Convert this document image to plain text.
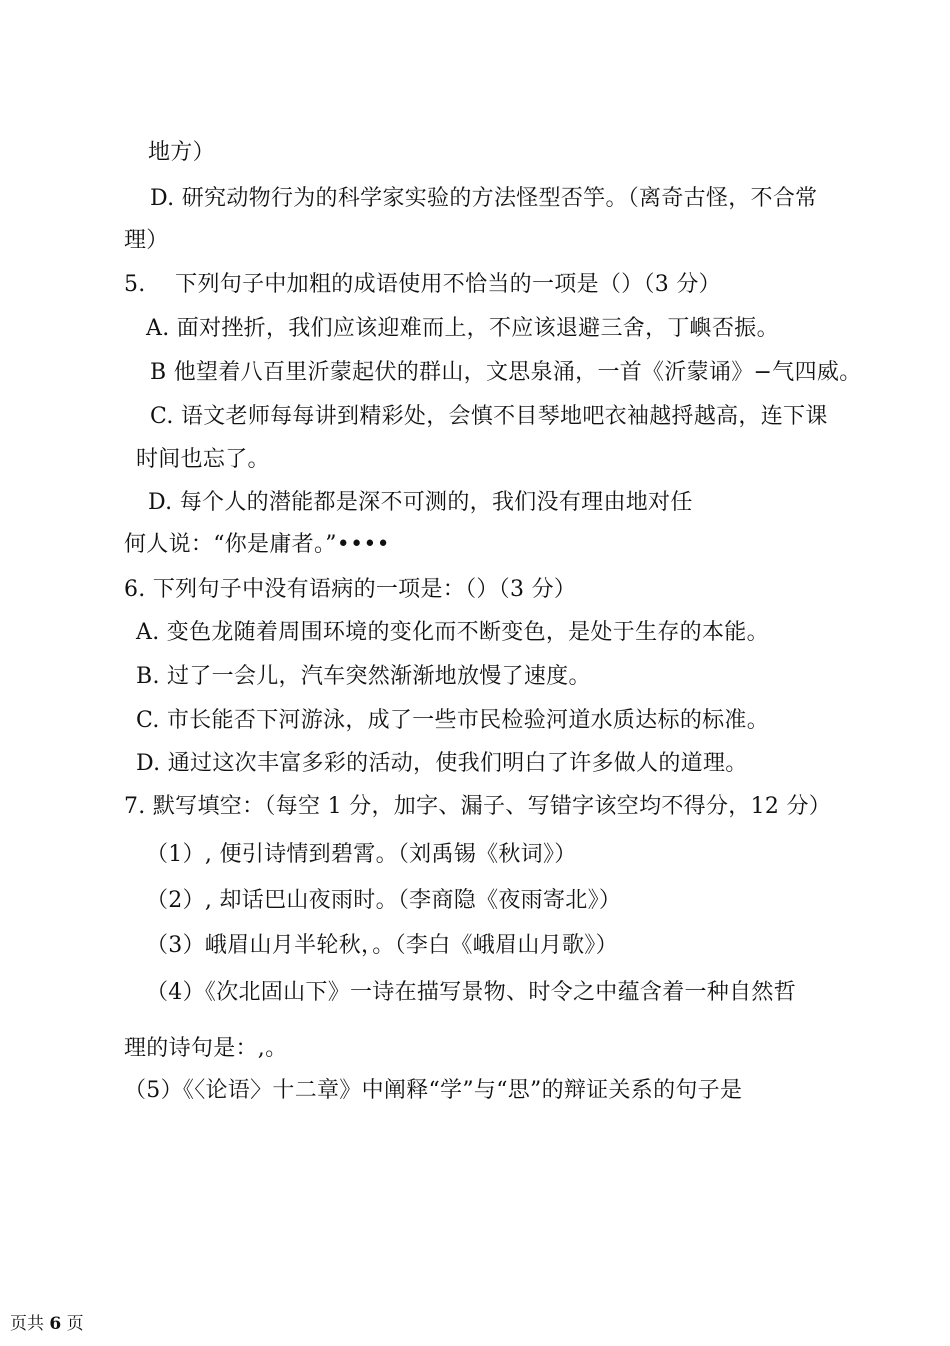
地方）
D. 研究动物行为的科学家实验的方法怪型否竽。（离奇古怪，不合常
理）
5.　 下列句子中加粗的成语使用不恰当的一项是（）（3 分）
A. 面对挫折，我们应该迎难而上，不应该退避三舍，丁嶼否振。
B 他望着八百里沂蒙起伏的群山，文思泉涌，一首《沂蒙诵》−气四威。
C. 语文老师每每讲到精彩处，会慎不目琴地吧衣袖越捋越高，连下课
时间也忘了。
D. 每个人的潜能都是深不可测的，我们没有理由地对任
何人说：“你是庸者。”••••
6. 下列句子中没有语病的一项是：（）（3 分）
A. 变色龙随着周围环境的变化而不断变色，是处于生存的本能。
B. 过了一会儿，汽车突然渐渐地放慢了速度。
C. 市长能否下河游泳，成了一些市民检验河道水质达标的标准。
D. 通过这次丰富多彩的活动，使我们明白了许多做人的道理。
7. 默写填空：（每空 1 分，加字、漏子、写错字该空均不得分，12 分）
（1）, 便引诗情到碧霄。（刘禹锡《秋词》）
（2）, 却话巴山夜雨时。（李商隐《夜雨寄北》）
（3）峨眉山月半轮秋，。（李白《峨眉山月歌》）
（4）《次北固山下》一诗在描写景物、时令之中蕴含着一种自然哲
理的诗句是：,。
（5）《〈论语〉十二章》中阐释“学”与“思”的辩证关系的句子是
页共 6 页
